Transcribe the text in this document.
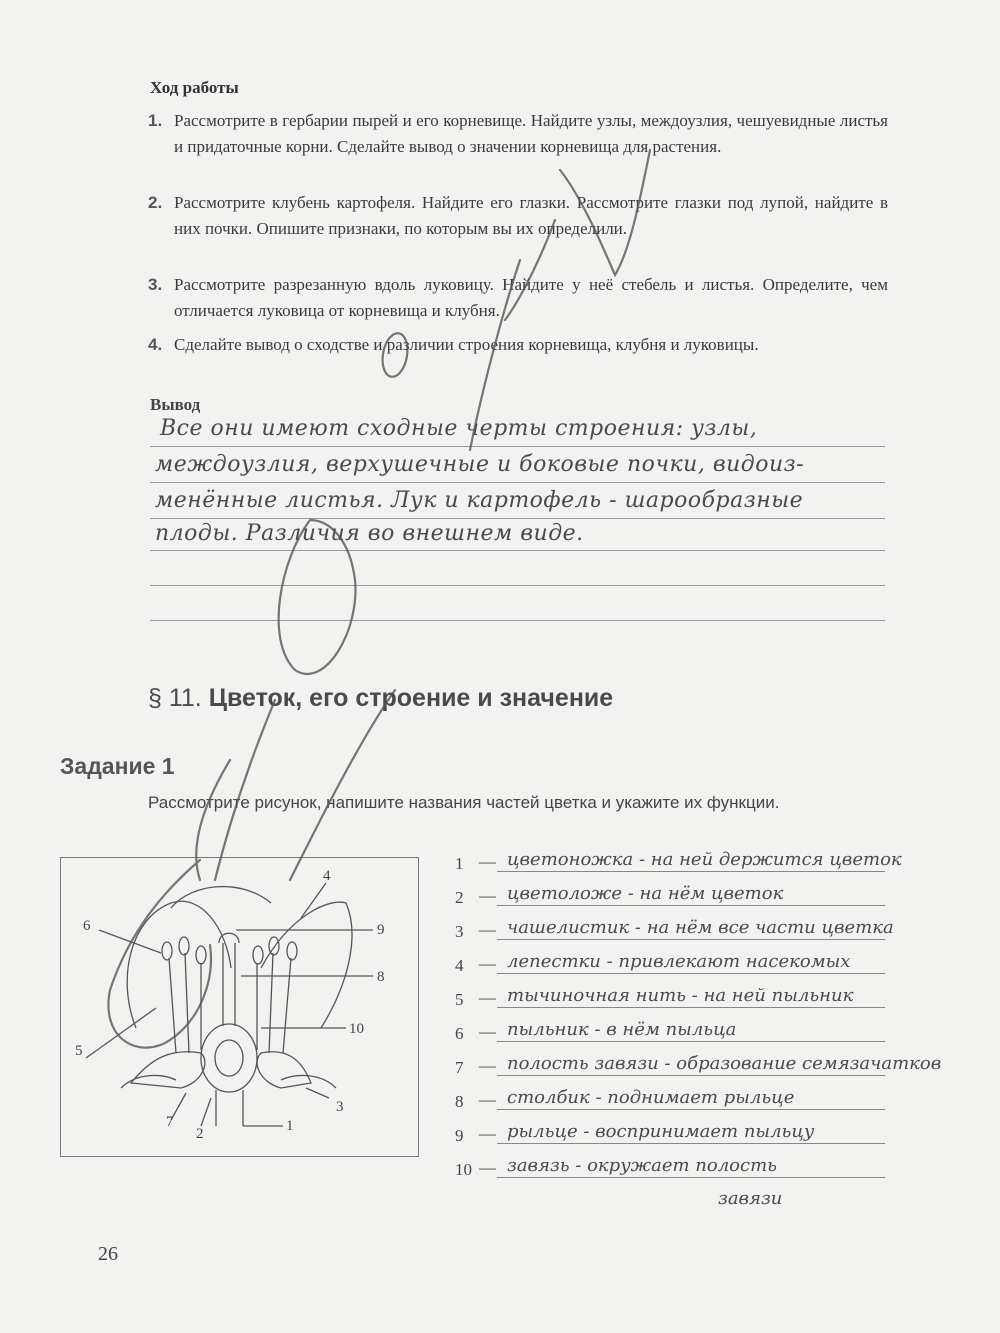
Ход работы
1. Рассмотрите в гербарии пырей и его корневище. Найдите узлы, междоузлия, чешуевидные листья и придаточные корни. Сделайте вывод о значении корневища для растения.
2. Рассмотрите клубень картофеля. Найдите его глазки. Рассмотрите глазки под лупой, найдите в них почки. Опишите признаки, по которым вы их определили.
3. Рассмотрите разрезанную вдоль луковицу. Найдите у неё стебель и листья. Определите, чем отличается луковица от корневища и клубня.
4. Сделайте вывод о сходстве и различии строения корневища, клубня и луковицы.
Вывод
Все они имеют сходные черты строения: узлы,
междоузлия, верхушечные и боковые почки, видоиз-
менённые листья. Лук и картофель - шарообразные
плоды. Различия во внешнем виде.
§ 11. Цветок, его строение и значение
Задание 1
Рассмотрите рисунок, напишите названия частей цветка и укажите их функции.
1
2
3
4
5
6
7
8
9
10
1 — цветоножка - на ней держится цветок
2 — цветоложе - на нём цветок
3 — чашелистик - на нём все части цветка
4 — лепестки - привлекают насекомых
5 — тычиночная нить - на ней пыльник
6 — пыльник - в нём пыльца
7 — полость завязи - образование семязачатков
8 — столбик - поднимает рыльце
9 — рыльце - воспринимает пыльцу
10 — завязь - окружает полость
завязи
26
